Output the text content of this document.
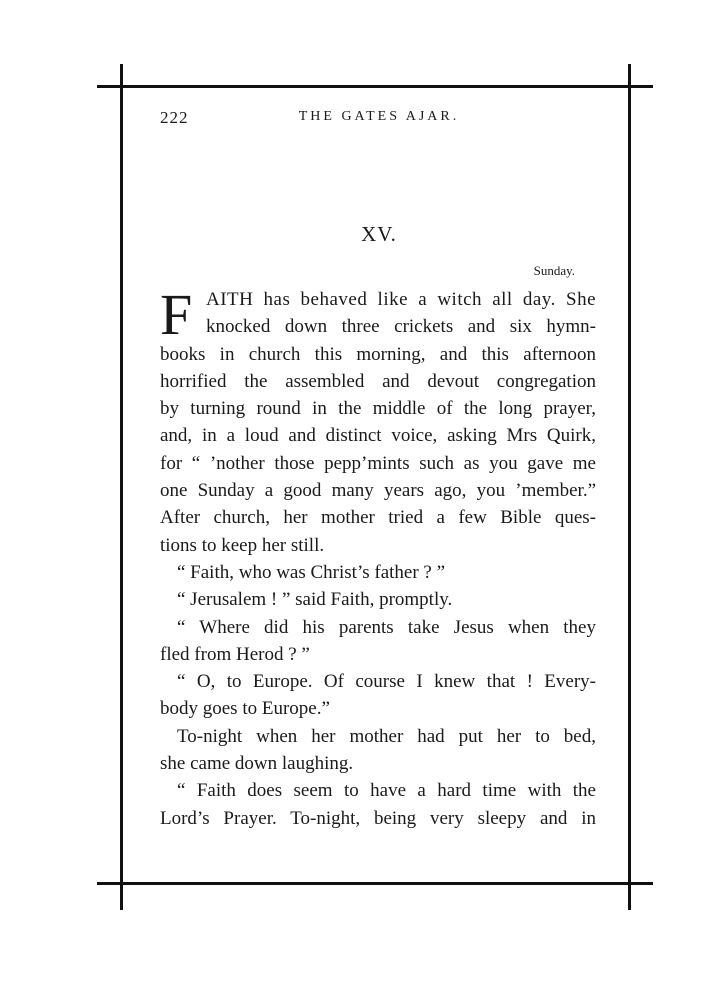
222	THE GATES AJAR.
XV.
Sunday.
F AITH has behaved like a witch all day. She
knocked down three crickets and six hymn-
books in church this morning, and this afternoon
horrified the assembled and devout congregation
by turning round in the middle of the long prayer,
and, in a loud and distinct voice, asking Mrs Quirk,
for “ ’nother those pepp’mints such as you gave me
one Sunday a good many years ago, you ’member.”
After church, her mother tried a few Bible ques-
tions to keep her still.
“ Faith, who was Christ’s father ? ”
“ Jerusalem ! ” said Faith, promptly.
“ Where did his parents take Jesus when they
fled from Herod ? ”
“ O, to Europe. Of course I knew that ! Every-
body goes to Europe.”
To-night when her mother had put her to bed,
she came down laughing.
“ Faith does seem to have a hard time with the
Lord’s Prayer. To-night, being very sleepy and in
